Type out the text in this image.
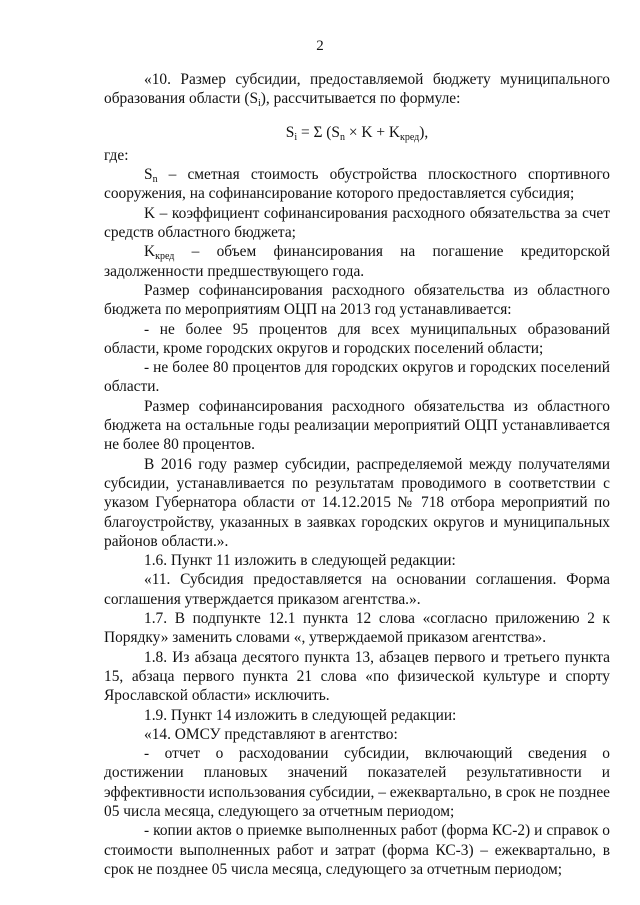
2

«10. Размер субсидии, предоставляемой бюджету муниципального образования области $(S_i)$, рассчитывается по формуле:

$S_i = \Sigma$ $(S_n \times K + K_{кред})$,

где:

$S_n$ – сметная стоимость обустройства плоскостного спортивного сооружения, на софинансирование которого предоставляется субсидия;

K – коэффициент софинансирования расходного обязательства за счет средств областного бюджета;

$K_{кред}$ – объем финансирования на погашение кредиторской задолженности предшествующего года.

Размер софинансирования расходного обязательства из областного бюджета по мероприятиям ОЦП на 2013 год устанавливается:

- не более 95 процентов для всех муниципальных образований области, кроме городских округов и городских поселений области;

- не более 80 процентов для городских округов и городских поселений области.

Размер софинансирования расходного обязательства из областного бюджета на остальные годы реализации мероприятий ОЦП устанавливается не более 80 процентов.

В 2016 году размер субсидии, распределяемой между получателями субсидии, устанавливается по результатам проводимого в соответствии с указом Губернатора области от 14.12.2015 № 718 отбора мероприятий по благоустройству, указанных в заявках городских округов и муниципальных районов области.».

1.6. Пункт 11 изложить в следующей редакции:

«11. Субсидия предоставляется на основании соглашения. Форма соглашения утверждается приказом агентства.».

1.7. В подпункте 12.1 пункта 12 слова «согласно приложению 2 к Порядку» заменить словами «, утверждаемой приказом агентства».

1.8. Из абзаца десятого пункта 13, абзацев первого и третьего пункта 15, абзаца первого пункта 21 слова «по физической культуре и спорту Ярославской области» исключить.

1.9. Пункт 14 изложить в следующей редакции:

«14. ОМСУ представляют в агентство:

- отчет о расходовании субсидии, включающий сведения о достижении плановых значений показателей результативности и эффективности использования субсидии, – ежеквартально, в срок не позднее 05 числа месяца, следующего за отчетным периодом;

- копии актов о приемке выполненных работ (форма КС-2) и справок о стоимости выполненных работ и затрат (форма КС-3) – ежеквартально, в срок не позднее 05 числа месяца, следующего за отчетным периодом;
